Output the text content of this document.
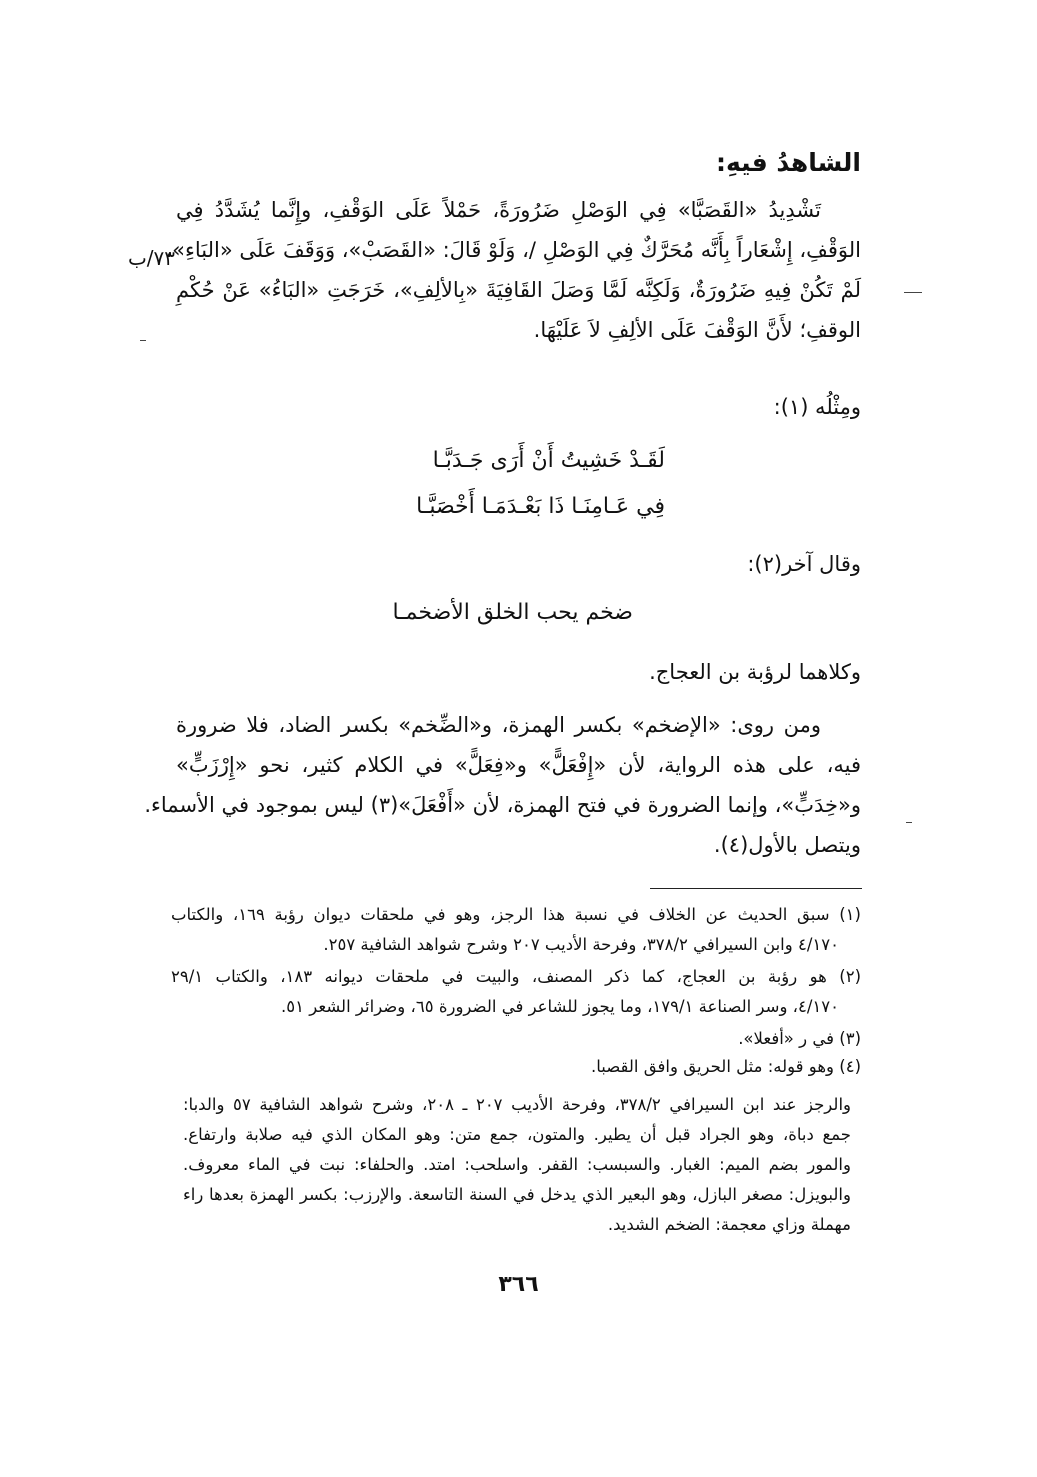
الشاهدُ فيهِ:
تَشْدِيدُ «القَصَبَّا» فِي الوَصْلِ ضَرُورَةً، حَمْلاً عَلَى الوَقْفِ، وإِنَّما يُشَدَّدُ فِي
الوَقْفِ، إِشْعَاراً بِأَنَّه مُحَرَّكٌ فِي الوَصْلِ /، وَلَوْ قَالَ: «القَصَبْ»، وَوَقَفَ عَلَى «البَاءِ»،
لَمْ تَكُنْ فِيهِ ضَرُورَةٌ، وَلَكِنَّه لَمَّا وَصَلَ القَافِيَةَ «بِالألِفِ»، خَرَجَتِ «البَاءُ» عَنْ حُكْمِ
الوقفِ؛ لأَنَّ الوَقْفَ عَلَى الألِفِ لاَ عَلَيْهَا.
٧٣/ب
ومِثْلُه (١):
لَقَـدْ خَشِيتُ أَنْ أَرَى جَـدَبَّـا
فِي عَـامِنَـا ذَا بَعْـدَمَـا أَخْصَبَّـا
وقال آخر(٢):
ضخم يحب الخلق الأضخمـا
وكلاهما لرؤبة بن العجاج.
ومن روى: «الإضخم» بكسر الهمزة، و«الضِّخم» بكسر الضاد، فلا ضرورة
فيه، على هذه الرواية، لأن «إِفْعَلًّ» و«فِعَلًّ» في الكلام كثير، نحو «إِرْزَبٍّ»
و«خِدَبٍّ»، وإنما الضرورة في فتح الهمزة، لأن «أَفْعَلَ»(٣) ليس بموجود في الأسماء.
ويتصل بالأول(٤).
(١) سبق الحديث عن الخلاف في نسبة هذا الرجز، وهو في ملحقات ديوان رؤبة ١٦٩، والكتاب
٤/١٧٠ وابن السيرافي ٣٧٨/٢، وفرحة الأديب ٢٠٧ وشرح شواهد الشافية ٢٥٧.
(٢) هو رؤبة بن العجاج، كما ذكر المصنف، والبيت في ملحقات ديوانه ١٨٣، والكتاب ٢٩/١
٤/١٧٠، وسر الصناعة ١٧٩/١، وما يجوز للشاعر في الضرورة ٦٥، وضرائر الشعر ٥١.
(٣) في ر «أفعلا».
(٤) وهو قوله: مثل الحريق وافق القصبا.
والرجز عند ابن السيرافي ٣٧٨/٢، وفرحة الأديب ٢٠٧ ـ ٢٠٨، وشرح شواهد الشافية ٥٧ والدبا:
جمع دباة، وهو الجراد قبل أن يطير. والمتون، جمع متن: وهو المكان الذي فيه صلابة وارتفاع.
والمور بضم الميم: الغبار. والسبسب: القفر. واسلحب: امتد. والحلفاء: نبت في الماء معروف.
والبويزل: مصغر البازل، وهو البعير الذي يدخل في السنة التاسعة. والإرزب: بكسر الهمزة بعدها راء
مهملة وزاي معجمة: الضخم الشديد.
٣٦٦
